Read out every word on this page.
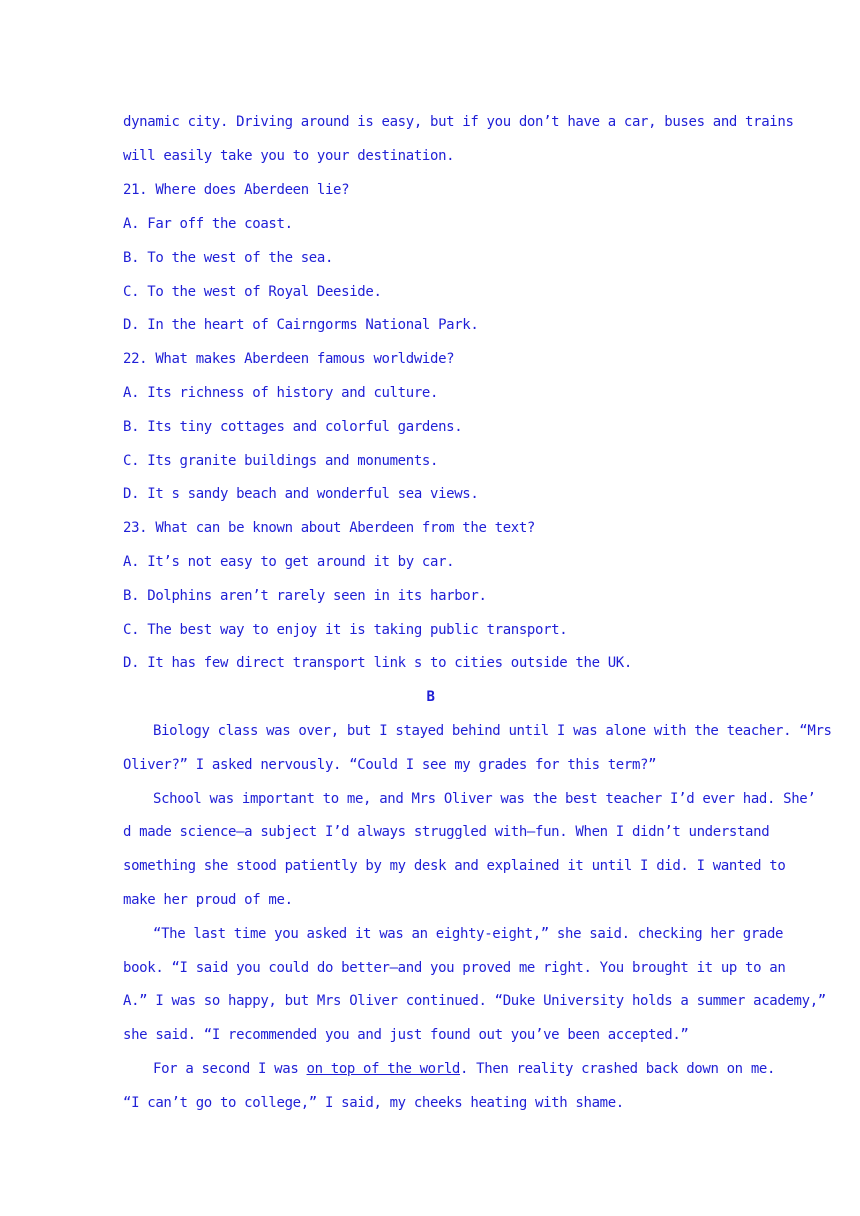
dynamic city. Driving around is easy, but if you don’t have a car, buses and trains
will easily take you to your destination.
21. Where does Aberdeen lie?
A. Far off the coast.
B. To the west of the sea.
C. To the west of Royal Deeside.
D. In the heart of Cairngorms National Park.
22. What makes Aberdeen famous worldwide?
A. Its richness of history and culture.
B. Its tiny cottages and colorful gardens.
C. Its granite buildings and monuments.
D. It s sandy beach and wonderful sea views.
23. What can be known about Aberdeen from the text?
A. It’s not easy to get around it by car.
B. Dolphins aren’t rarely seen in its harbor.
C. The best way to enjoy it is taking public transport.
D. It has few direct transport link s to cities outside the UK.
B
Biology class was over, but I stayed behind until I was alone with the teacher. “Mrs
Oliver?” I asked nervously. “Could I see my grades for this term?”
School was important to me, and Mrs Oliver was the best teacher I’d ever had. She’
d made science—a subject I’d always struggled with—fun. When I didn’t understand
something she stood patiently by my desk and explained it until I did. I wanted to
make her proud of me.
“The last time you asked it was an eighty-eight,” she said. checking her grade
book. “I said you could do better—and you proved me right. You brought it up to an
A.” I was so happy, but Mrs Oliver continued. “Duke University holds a summer academy,”
she said. “I recommended you and just found out you’ve been accepted.”
For a second I was on top of the world. Then reality crashed back down on me.
“I can’t go to college,” I said, my cheeks heating with shame.
